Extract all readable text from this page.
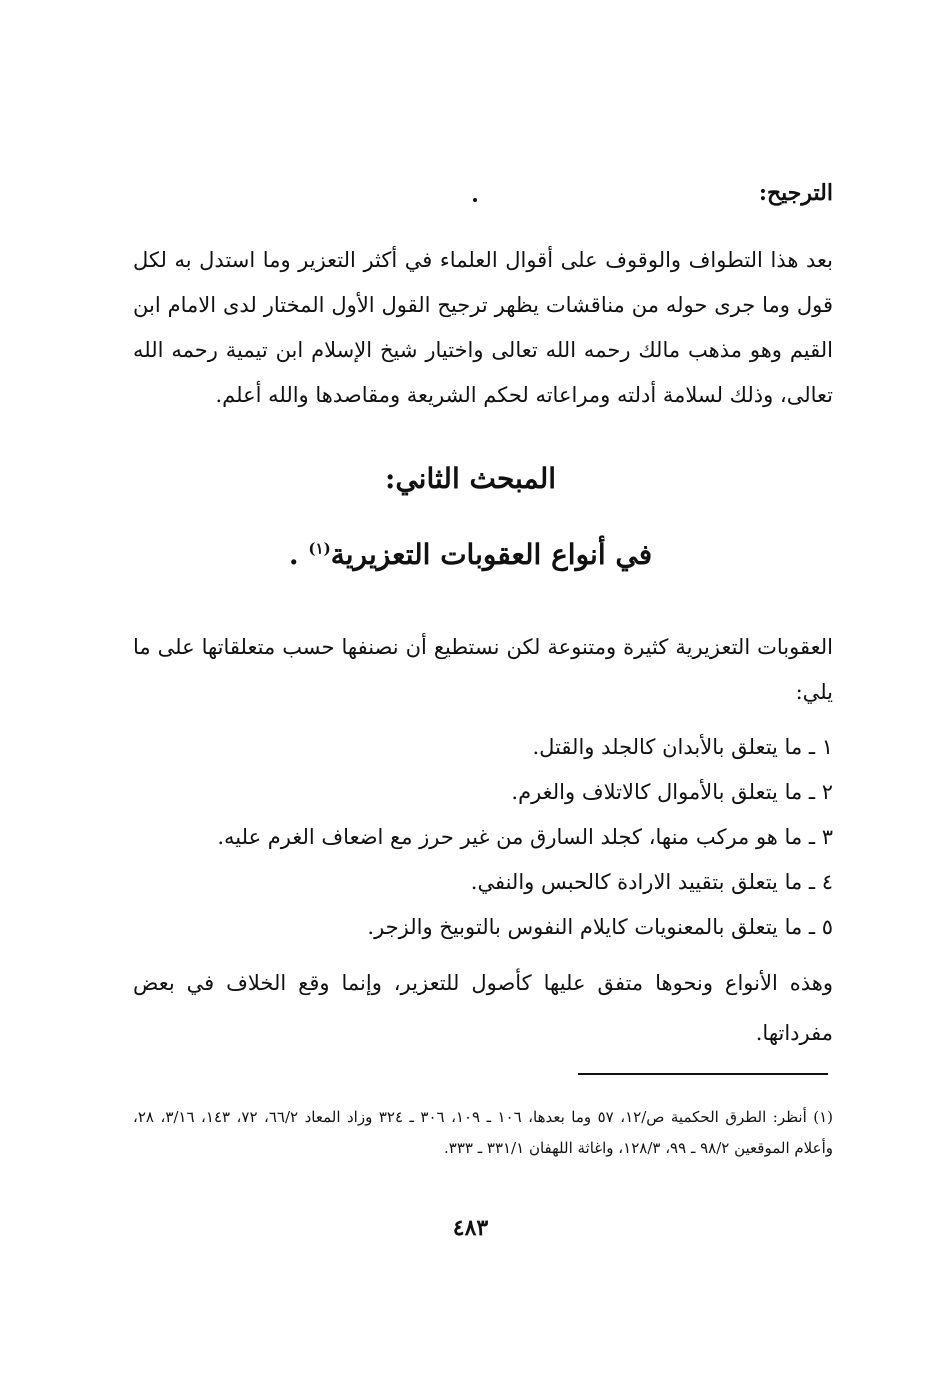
الترجيح:
بعد هذا التطواف والوقوف على أقوال العلماء في أكثر التعزير وما استدل به لكل قول وما جرى حوله من مناقشات يظهر ترجيح القول الأول المختار لدى الامام ابن القيم وهو مذهب مالك رحمه الله تعالى واختيار شيخ الإسلام ابن تيمية رحمه الله تعالى، وذلك لسلامة أدلته ومراعاته لحكم الشريعة ومقاصدها والله أعلم.
المبحث الثاني:
في أنواع العقوبات التعزيرية$^{(١)}$ .
العقوبات التعزيرية كثيرة ومتنوعة لكن نستطيع أن نصنفها حسب متعلقاتها على ما يلي:
١ ـ ما يتعلق بالأبدان كالجلد والقتل.
٢ ـ ما يتعلق بالأموال كالاتلاف والغرم.
٣ ـ ما هو مركب منها، كجلد السارق من غير حرز مع اضعاف الغرم عليه.
٤ ـ ما يتعلق بتقييد الارادة كالحبس والنفي.
٥ ـ ما يتعلق بالمعنويات كايلام النفوس بالتوبيخ والزجر.
وهذه الأنواع ونحوها متفق عليها كأصول للتعزير، وإنما وقع الخلاف في بعض مفرداتها.
(١) أنظر: الطرق الحكمية ص/١٢، ٥٧ وما بعدها، ١٠٦ ـ ١٠٩، ٣٠٦ ـ ٣٢٤ وزاد المعاد ٦٦/٢، ٧٢، ١٤٣، ٣/١٦، ٢٨، وأعلام الموقعين ٩٨/٢ ـ ٩٩، ١٢٨/٣، واغاثة اللهفان ٣٣١/١ ـ ٣٣٣.
٤٨٣
